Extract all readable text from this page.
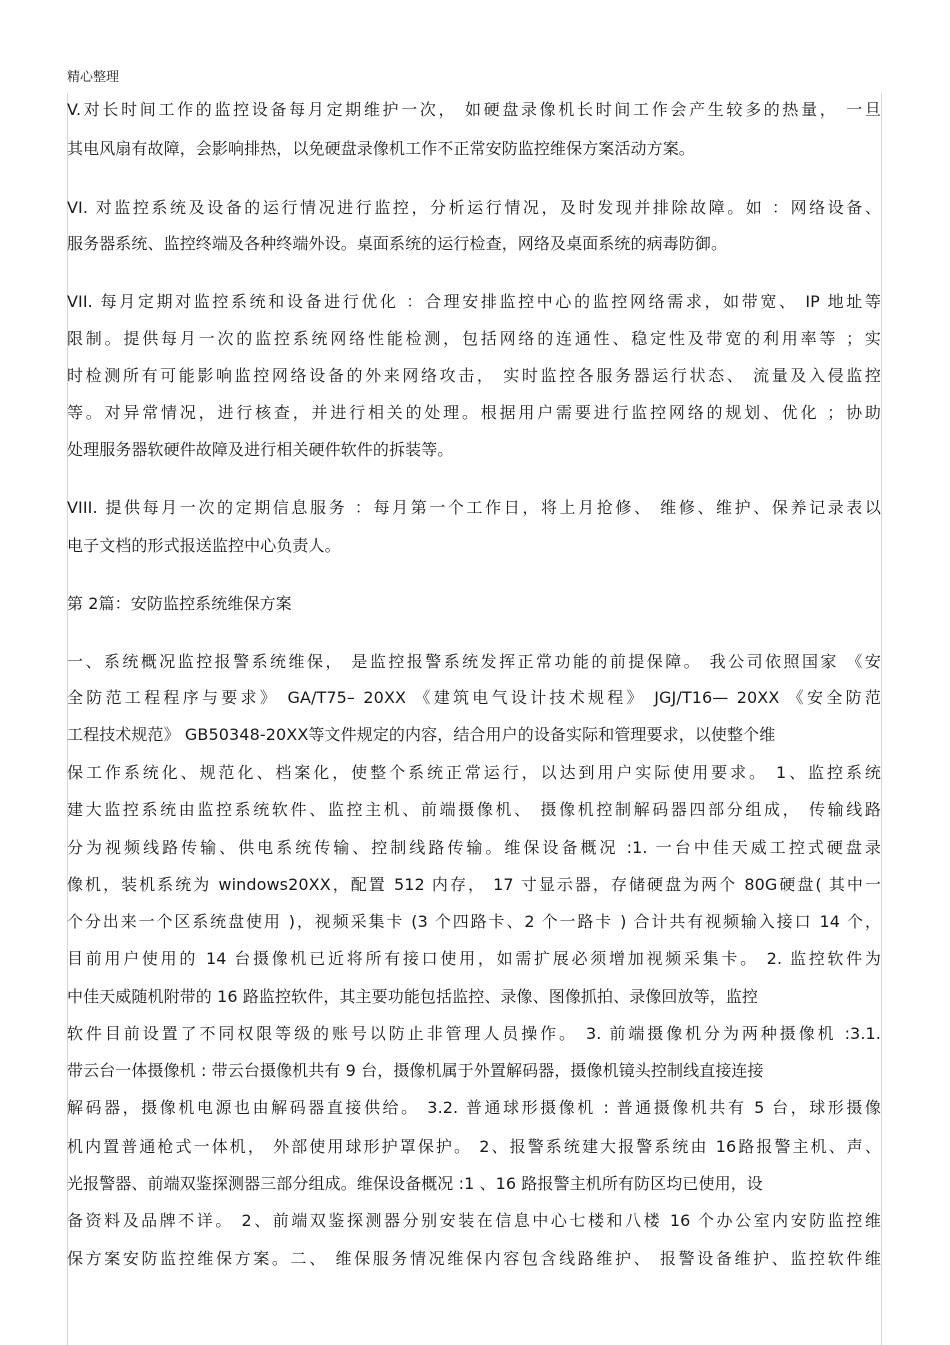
精心整理
V.对长时间工作的监控设备每月定期维护一次， 如硬盘录像机长时间工作会产生较多的热量， 一旦
其电风扇有故障，会影响排热，以免硬盘录像机工作不正常安防监控维保方案活动方案。
VI. 对监控系统及设备的运行情况进行监控，分析运行情况，及时发现并排除故障。如 ：网络设备、
服务器系统、监控终端及各种终端外设。桌面系统的运行检查，网络及桌面系统的病毒防御。
VII. 每月定期对监控系统和设备进行优化 ：合理安排监控中心的监控网络需求，如带宽、 IP 地址等
限制。提供每月一次的监控系统网络性能检测，包括网络的连通性、稳定性及带宽的利用率等 ；实
时检测所有可能影响监控网络设备的外来网络攻击， 实时监控各服务器运行状态、 流量及入侵监控
等。对异常情况，进行核查，并进行相关的处理。根据用户需要进行监控网络的规划、优化 ；协助
处理服务器软硬件故障及进行相关硬件软件的拆装等。
VIII. 提供每月一次的定期信息服务 ：每月第一个工作日，将上月抢修、 维修、维护、保养记录表以
电子文档的形式报送监控中心负责人。
第 2篇：安防监控系统维保方案
一、系统概况监控报警系统维保， 是监控报警系统发挥正常功能的前提保障。 我公司依照国家 《安
全防范工程程序与要求》 GA/T75– 20XX 《建筑电气设计技术规程》 JGJ/T16— 20XX 《安全防范
工程技术规范》 GB50348-20XX等文件规定的内容，结合用户的设备实际和管理要求，以使整个维
保工作系统化、规范化、档案化，使整个系统正常运行，以达到用户实际使用要求。 1、监控系统
建大监控系统由监控系统软件、监控主机、前端摄像机、 摄像机控制解码器四部分组成， 传输线路
分为视频线路传输、供电系统传输、控制线路传输。维保设备概况 :1. 一台中佳天威工控式硬盘录
像机，装机系统为 windows20XX，配置 512 内存， 17 寸显示器，存储硬盘为两个 80G硬盘( 其中一
个分出来一个区系统盘使用 )，视频采集卡 (3 个四路卡、2 个一路卡 ) 合计共有视频输入接口 14 个，
目前用户使用的 14 台摄像机已近将所有接口使用，如需扩展必须增加视频采集卡。 2. 监控软件为
中佳天威随机附带的 16 路监控软件，其主要功能包括监控、录像、图像抓拍、录像回放等，监控
软件目前设置了不同权限等级的账号以防止非管理人员操作。 3. 前端摄像机分为两种摄像机 :3.1.
带云台一体摄像机 : 带云台摄像机共有 9 台，摄像机属于外置解码器，摄像机镜头控制线直接连接
解码器，摄像机电源也由解码器直接供给。 3.2. 普通球形摄像机 : 普通摄像机共有 5 台，球形摄像
机内置普通枪式一体机， 外部使用球形护罩保护。 2、报警系统建大报警系统由 16路报警主机、声、
光报警器、前端双鉴探测器三部分组成。维保设备概况 :1 、16 路报警主机所有防区均已使用，设
备资料及品牌不详。 2、前端双鉴探测器分别安装在信息中心七楼和八楼 16 个办公室内安防监控维
保方案安防监控维保方案。二、 维保服务情况维保内容包含线路维护、 报警设备维护、监控软件维
